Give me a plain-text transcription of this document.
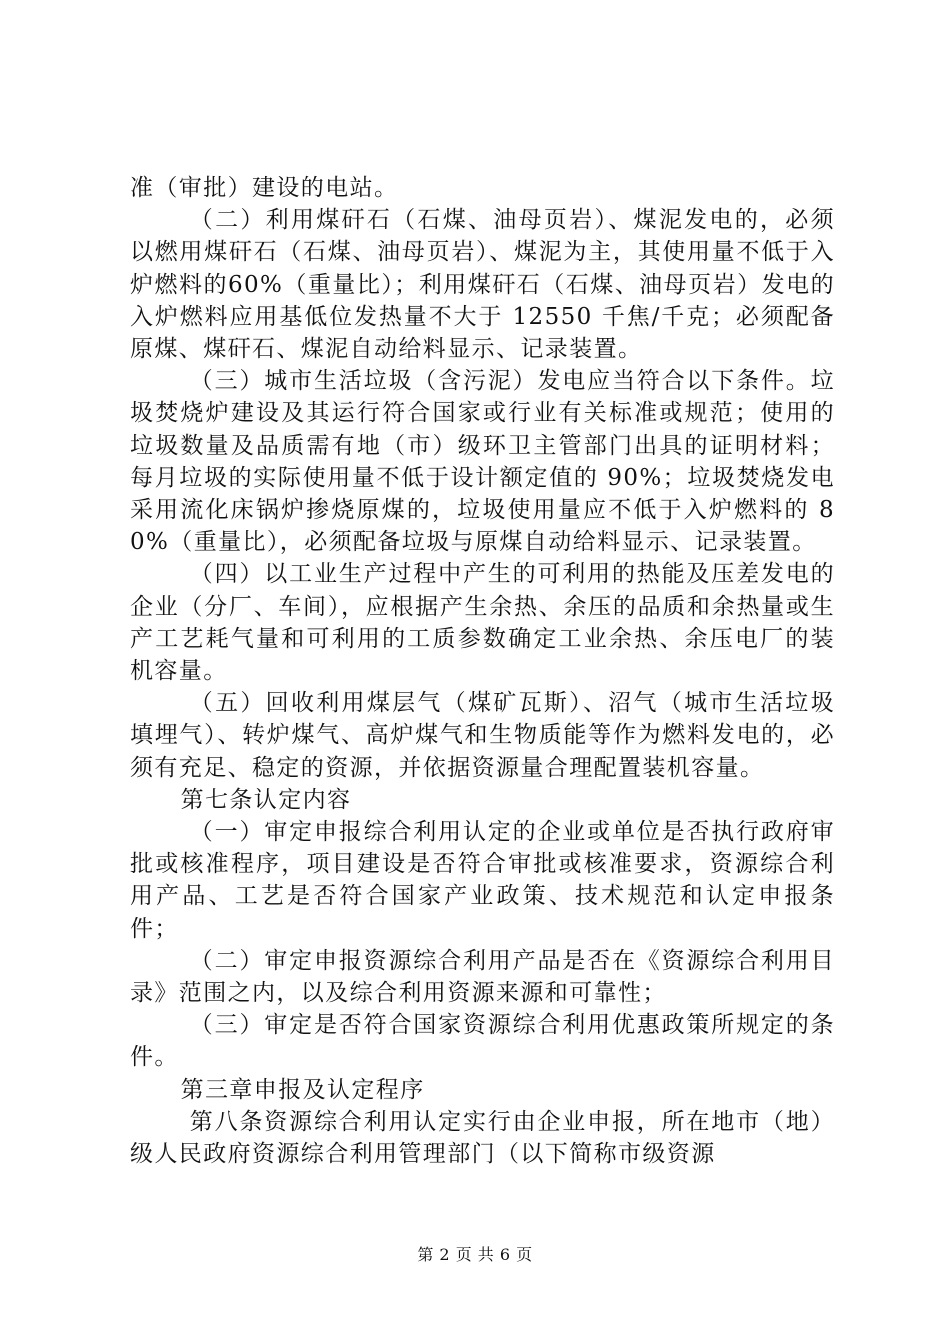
准（审批）建设的电站。

（二）利用煤矸石（石煤、油母页岩）、煤泥发电的，必须以燃用煤矸石（石煤、油母页岩）、煤泥为主，其使用量不低于入炉燃料的60%（重量比）；利用煤矸石（石煤、油母页岩）发电的入炉燃料应用基低位发热量不大于 12550 千焦/千克；必须配备原煤、煤矸石、煤泥自动给料显示、记录装置。

（三）城市生活垃圾（含污泥）发电应当符合以下条件。垃圾焚烧炉建设及其运行符合国家或行业有关标准或规范；使用的垃圾数量及品质需有地（市）级环卫主管部门出具的证明材料；每月垃圾的实际使用量不低于设计额定值的 90%；垃圾焚烧发电采用流化床锅炉掺烧原煤的，垃圾使用量应不低于入炉燃料的 80%（重量比），必须配备垃圾与原煤自动给料显示、记录装置。

（四）以工业生产过程中产生的可利用的热能及压差发电的企业（分厂、车间），应根据产生余热、余压的品质和余热量或生产工艺耗气量和可利用的工质参数确定工业余热、余压电厂的装机容量。

（五）回收利用煤层气（煤矿瓦斯）、沼气（城市生活垃圾填埋气）、转炉煤气、高炉煤气和生物质能等作为燃料发电的，必须有充足、稳定的资源，并依据资源量合理配置装机容量。

第七条认定内容

（一）审定申报综合利用认定的企业或单位是否执行政府审批或核准程序，项目建设是否符合审批或核准要求，资源综合利用产品、工艺是否符合国家产业政策、技术规范和认定申报条件；

（二）审定申报资源综合利用产品是否在《资源综合利用目录》范围之内，以及综合利用资源来源和可靠性；

（三）审定是否符合国家资源综合利用优惠政策所规定的条件。

第三章申报及认定程序

第八条资源综合利用认定实行由企业申报，所在地市（地）级人民政府资源综合利用管理部门（以下简称市级资源

第 2 页 共 6 页
